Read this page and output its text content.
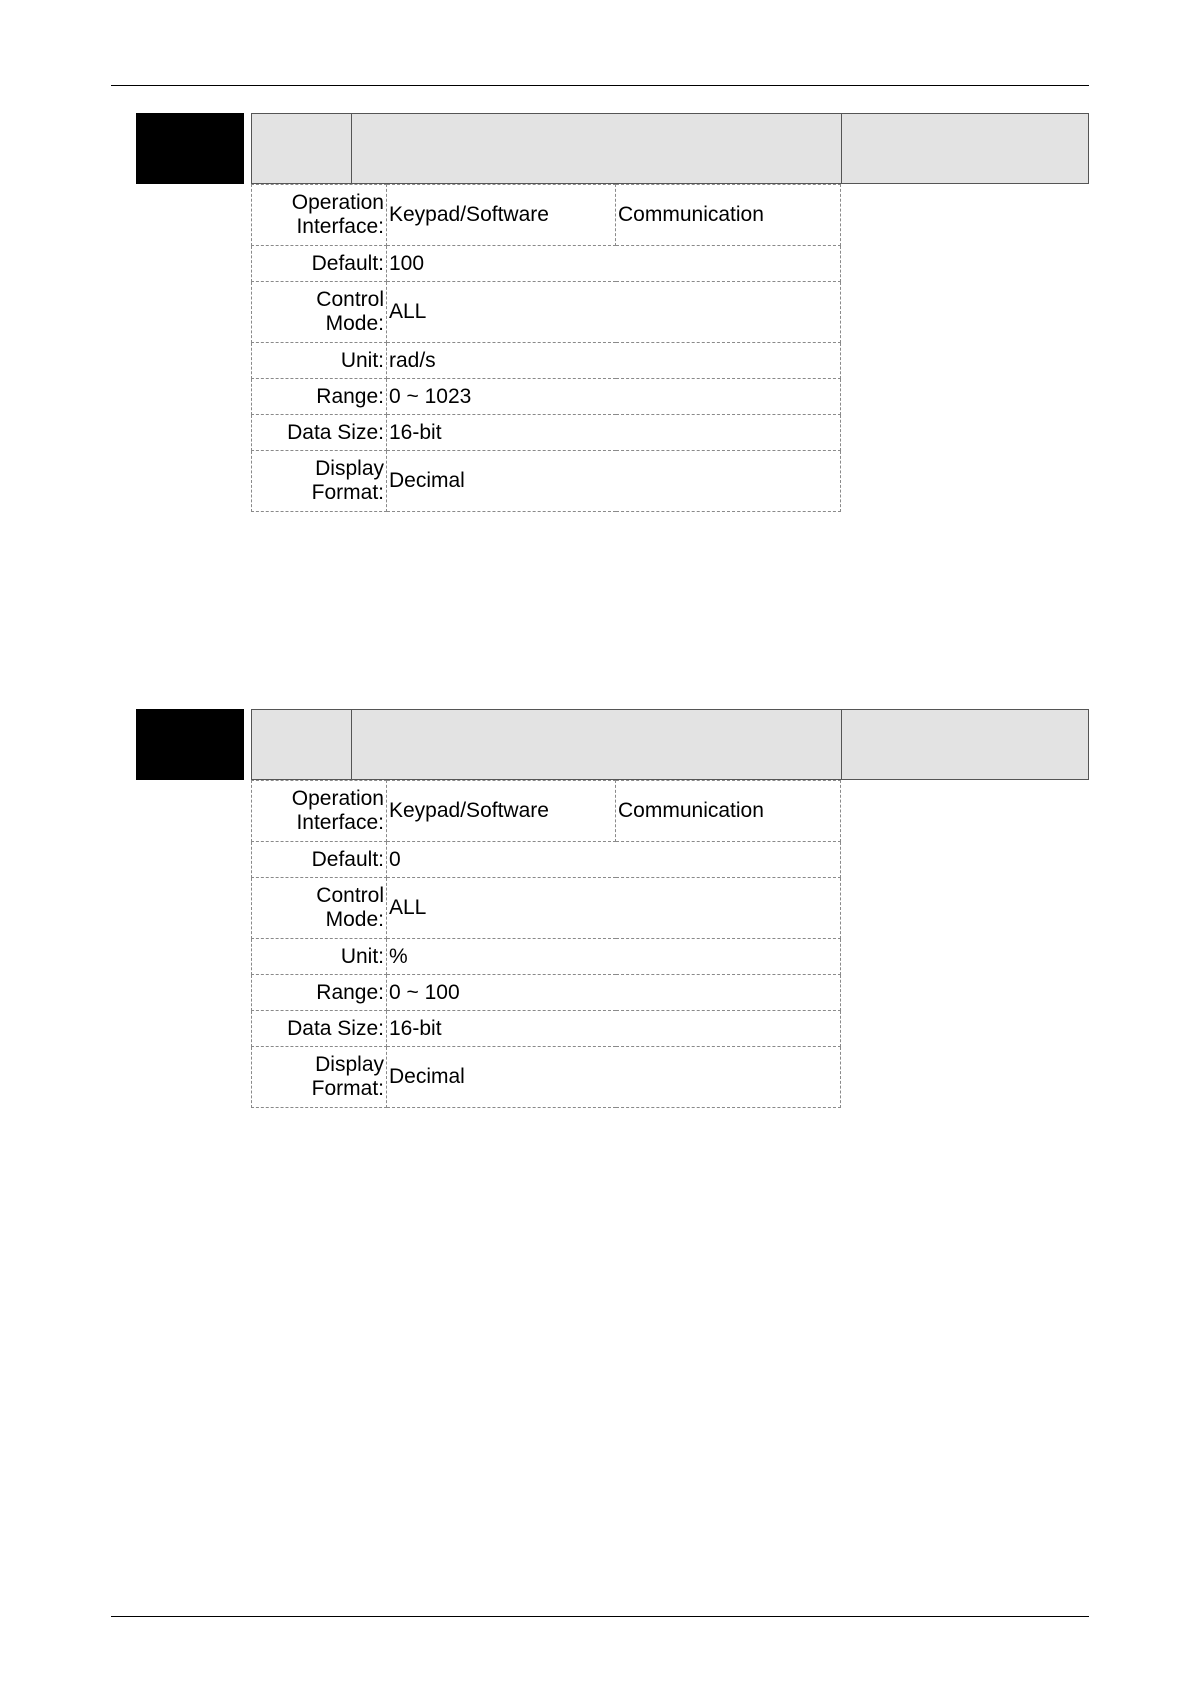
Operation
Interface:	Keypad/Software	Communication
Default:	100	
Control
Mode:	ALL	
Unit:	rad/s	
Range:	0 ~ 1023	
Data Size:	16-bit	
Display
Format:	Decimal	
Operation
Interface:	Keypad/Software	Communication
Default:	0	
Control
Mode:	ALL	
Unit:	%	
Range:	0 ~ 100	
Data Size:	16-bit	
Display
Format:	Decimal	
